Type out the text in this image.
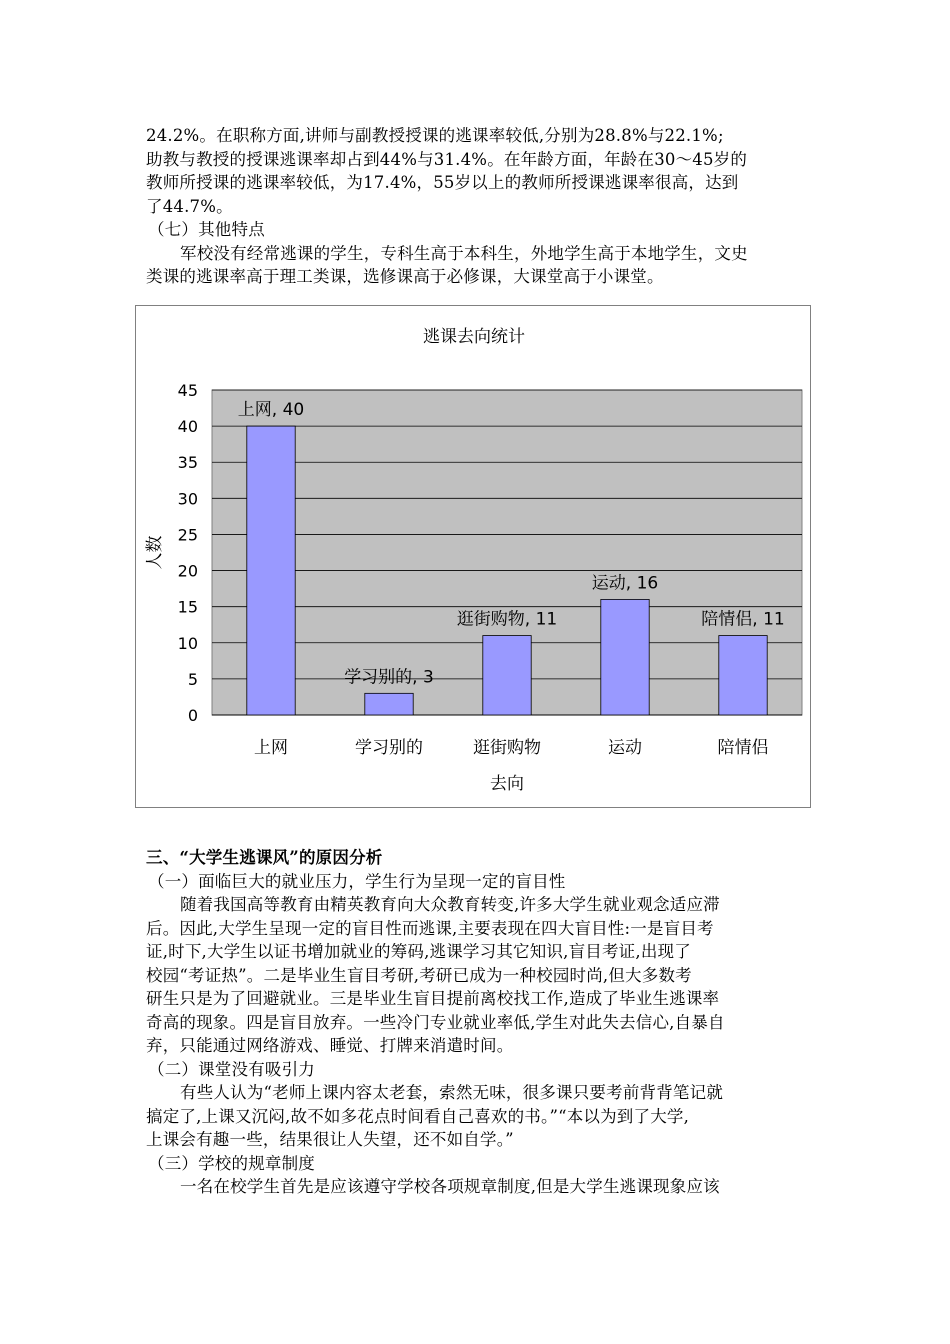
24.2%。在职称方面,讲师与副教授授课的逃课率较低,分别为28.8%与22.1%;

助教与教授的授课逃课率却占到44%与31.4%。在年龄方面，年龄在30～45岁的

教师所授课的逃课率较低，为17.4%，55岁以上的教师所授课逃课率很高，达到

了44.7%。

（七）其他特点

军校没有经常逃课的学生，专科生高于本科生，外地学生高于本地学生，文史

类课的逃课率高于理工类课，选修课高于必修课，大课堂高于小课堂。

逃课去向统计
0
5
10
15
20
25
30
35
40
45
上网	学习别的	逛街购物	运动	陪情侣
上网, 40
学习别的, 3
逛街购物, 11
运动, 16
陪情侣, 11
人数
去向

三、“大学生逃课风”的原因分析

（一）面临巨大的就业压力，学生行为呈现一定的盲目性

随着我国高等教育由精英教育向大众教育转变,许多大学生就业观念适应滞

后。因此,大学生呈现一定的盲目性而逃课,主要表现在四大盲目性:一是盲目考

证,时下,大学生以证书增加就业的筹码,逃课学习其它知识,盲目考证,出现了

校园“考证热”。二是毕业生盲目考研,考研已成为一种校园时尚,但大多数考

研生只是为了回避就业。三是毕业生盲目提前离校找工作,造成了毕业生逃课率

奇高的现象。四是盲目放弃。一些冷门专业就业率低,学生对此失去信心,自暴自

弃，只能通过网络游戏、睡觉、打牌来消遣时间。

（二）课堂没有吸引力

有些人认为“老师上课内容太老套，索然无味，很多课只要考前背背笔记就

搞定了,上课又沉闷,故不如多花点时间看自己喜欢的书。”“本以为到了大学,

上课会有趣一些，结果很让人失望，还不如自学。”

（三）学校的规章制度

一名在校学生首先是应该遵守学校各项规章制度,但是大学生逃课现象应该
